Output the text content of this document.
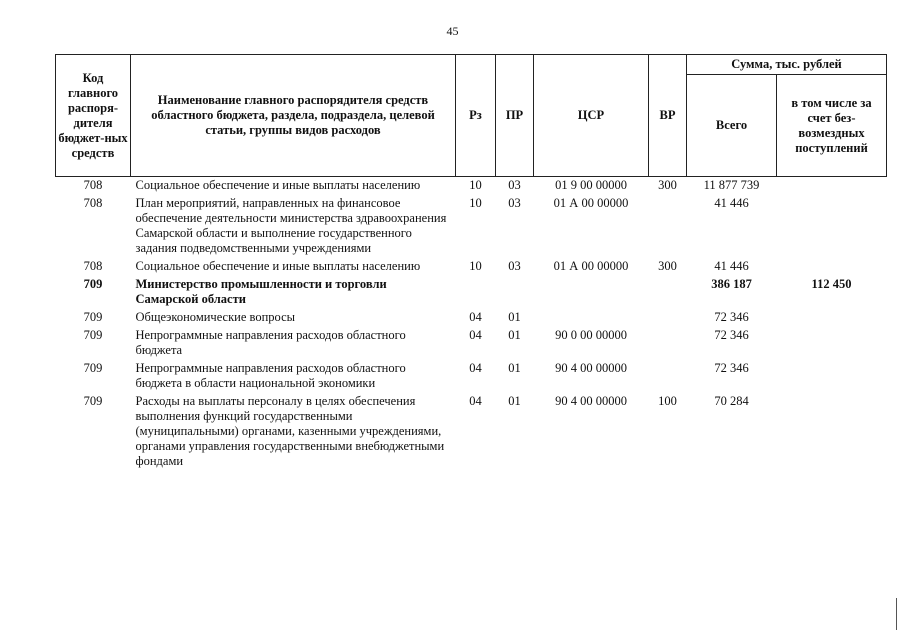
45
Код главного распоря-дителя бюджет-ных средств	Наименование главного распорядителя средств областного бюджета, раздела, подраздела, целевой статьи, группы видов расходов	Рз	ПР	ЦСР	ВР	Сумма, тыс. рублей	
						Всего	в том числе за счет без-возмездных поступлений
708	Социальное обеспечение и иные выплаты населению	10	03	01 9 00 00000	300	11 877 739	
708	План мероприятий, направленных на финансовое обеспечение деятельности министерства здравоохранения Самарской области и выполнение государственного задания подведомственными учреждениями	10	03	01 А 00 00000		41 446	
708	Социальное обеспечение и иные выплаты населению	10	03	01 А 00 00000	300	41 446	
709	Министерство промышленности и торговли Самарской области					386 187	112 450
709	Общеэкономические вопросы	04	01			72 346	
709	Непрограммные направления расходов областного бюджета	04	01	90 0 00 00000		72 346	
709	Непрограммные направления расходов областного бюджета в области национальной экономики	04	01	90 4 00 00000		72 346	
709	Расходы на выплаты персоналу в целях обеспечения выполнения функций государственными (муниципальными) органами, казенными учреждениями, органами управления государственными внебюджетными фондами	04	01	90 4 00 00000	100	70 284	
